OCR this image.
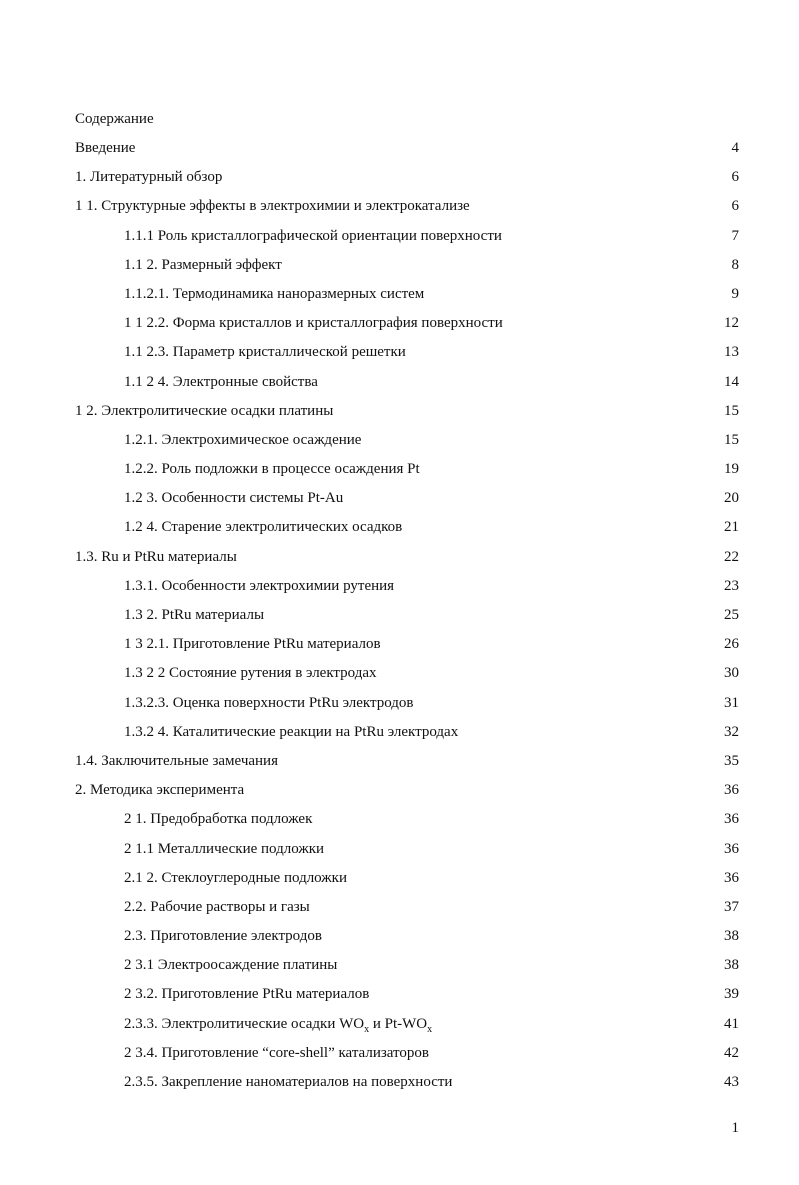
Содержание
Введение	4
1. Литературный обзор	6
1 1. Структурные эффекты в электрохимии и электрокатализе	6
1.1.1 Роль кристаллографической ориентации поверхности	7
1.1 2. Размерный эффект	8
1.1.2.1. Термодинамика наноразмерных систем	9
1 1 2.2. Форма кристаллов и кристаллография поверхности	12
1.1 2.3. Параметр кристаллической решетки	13
1.1 2 4. Электронные свойства	14
1 2. Электролитические осадки платины	15
1.2.1. Электрохимическое осаждение	15
1.2.2. Роль подложки в процессе осаждения Pt	19
1.2 3. Особенности системы Pt-Au	20
1.2 4. Старение электролитических осадков	21
1.3. Ru и PtRu материалы	22
1.3.1. Особенности электрохимии рутения	23
1.3 2. PtRu материалы	25
1 3 2.1. Приготовление PtRu материалов	26
1.3 2 2 Состояние рутения в электродах	30
1.3.2.3. Оценка поверхности PtRu электродов	31
1.3.2 4. Каталитические реакции на PtRu электродах	32
1.4. Заключительные замечания	35
2. Методика эксперимента	36
2 1. Предобработка подложек	36
2 1.1 Металлические подложки	36
2.1 2. Стеклоуглеродные подложки	36
2.2. Рабочие растворы и газы	37
2.3. Приготовление электродов	38
2 3.1 Электроосаждение платины	38
2 3.2. Приготовление PtRu материалов	39
2.3.3. Электролитические осадки $WO_x$ и $Pt-WO_x$	41
2 3.4. Приготовление “core-shell” катализаторов	42
2.3.5. Закрепление наноматериалов на поверхности	43
1
